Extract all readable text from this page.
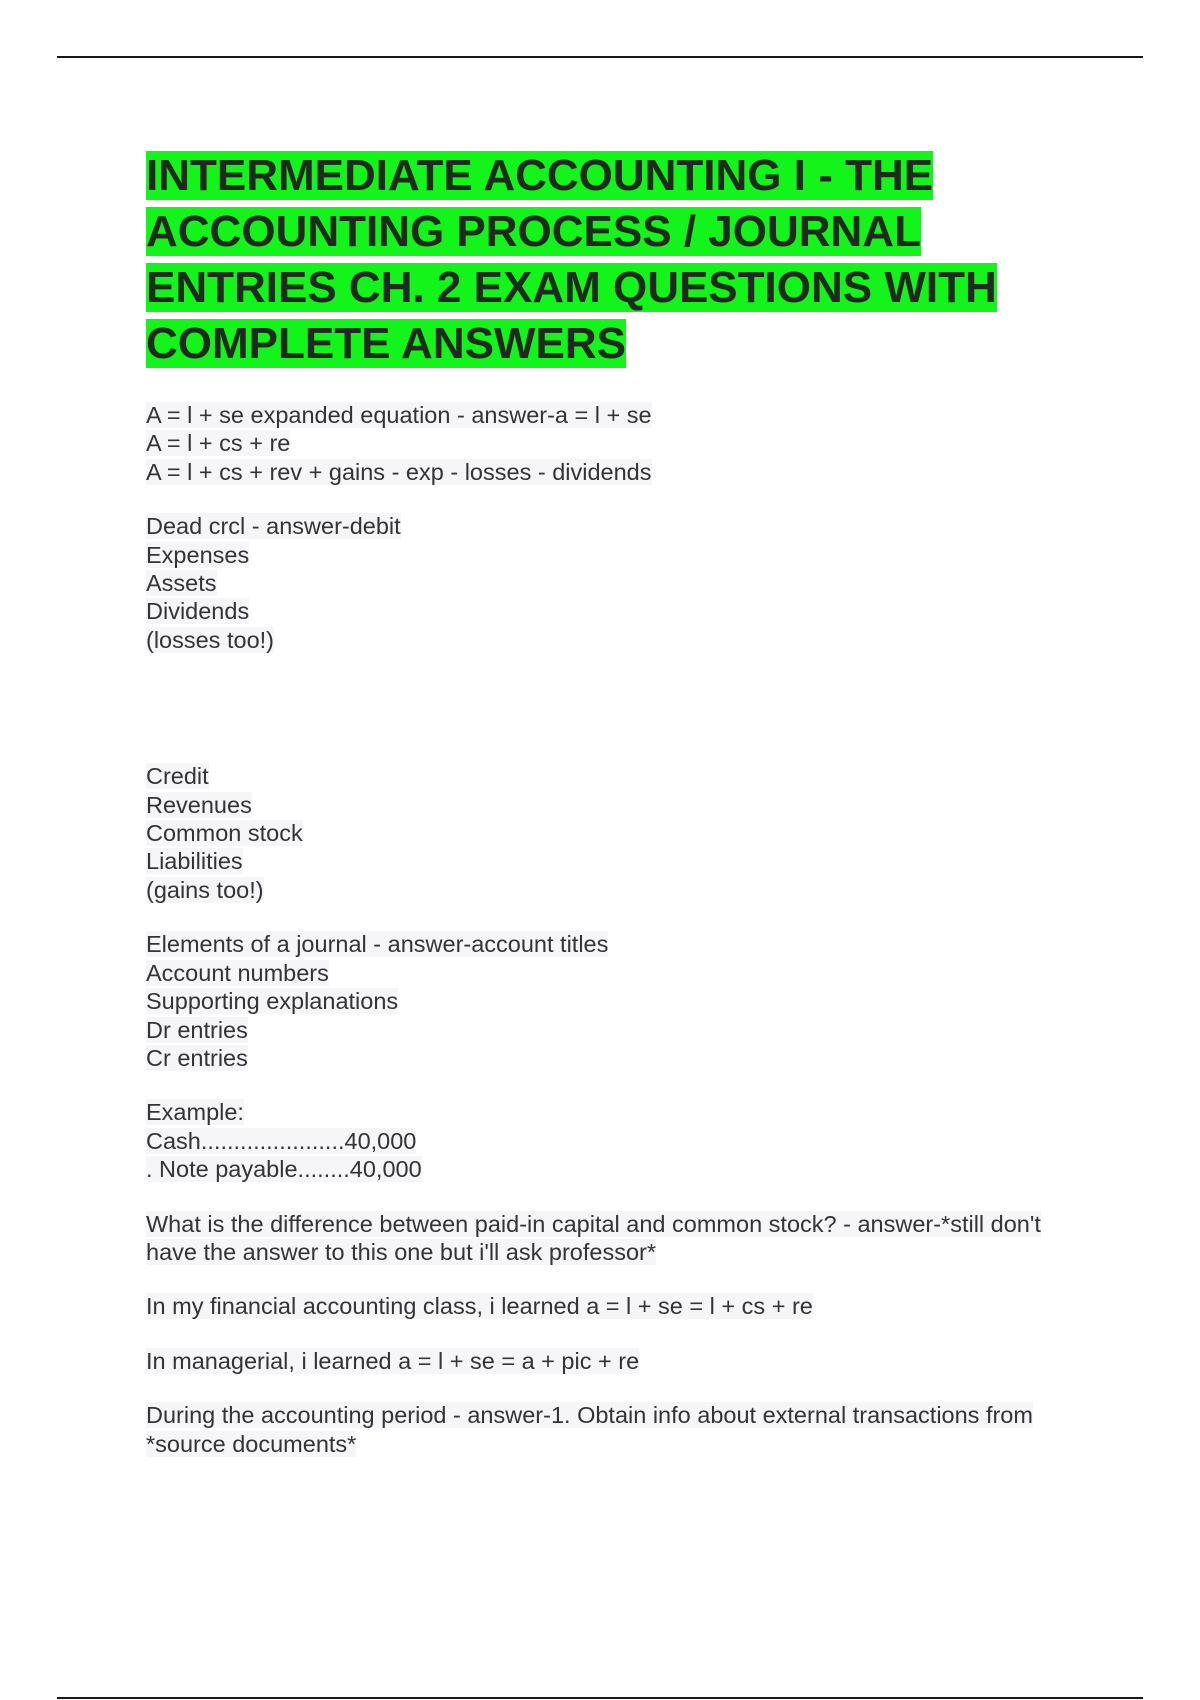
INTERMEDIATE ACCOUNTING I - THE ACCOUNTING PROCESS / JOURNAL ENTRIES CH. 2 EXAM QUESTIONS WITH COMPLETE ANSWERS
A = l + se expanded equation - answer-a = l + se
A = l + cs + re
A = l + cs + rev + gains - exp - losses - dividends
Dead crcl - answer-debit
Expenses
Assets
Dividends
(losses too!)
Credit
Revenues
Common stock
Liabilities
(gains too!)
Elements of a journal - answer-account titles
Account numbers
Supporting explanations
Dr entries
Cr entries
Example:
Cash......................40,000
. Note payable........40,000
What is the difference between paid-in capital and common stock? - answer-*still don't
have the answer to this one but i'll ask professor*
In my financial accounting class, i learned a = l + se = l + cs + re
In managerial, i learned a = l + se = a + pic + re
During the accounting period - answer-1. Obtain info about external transactions from
*source documents*
